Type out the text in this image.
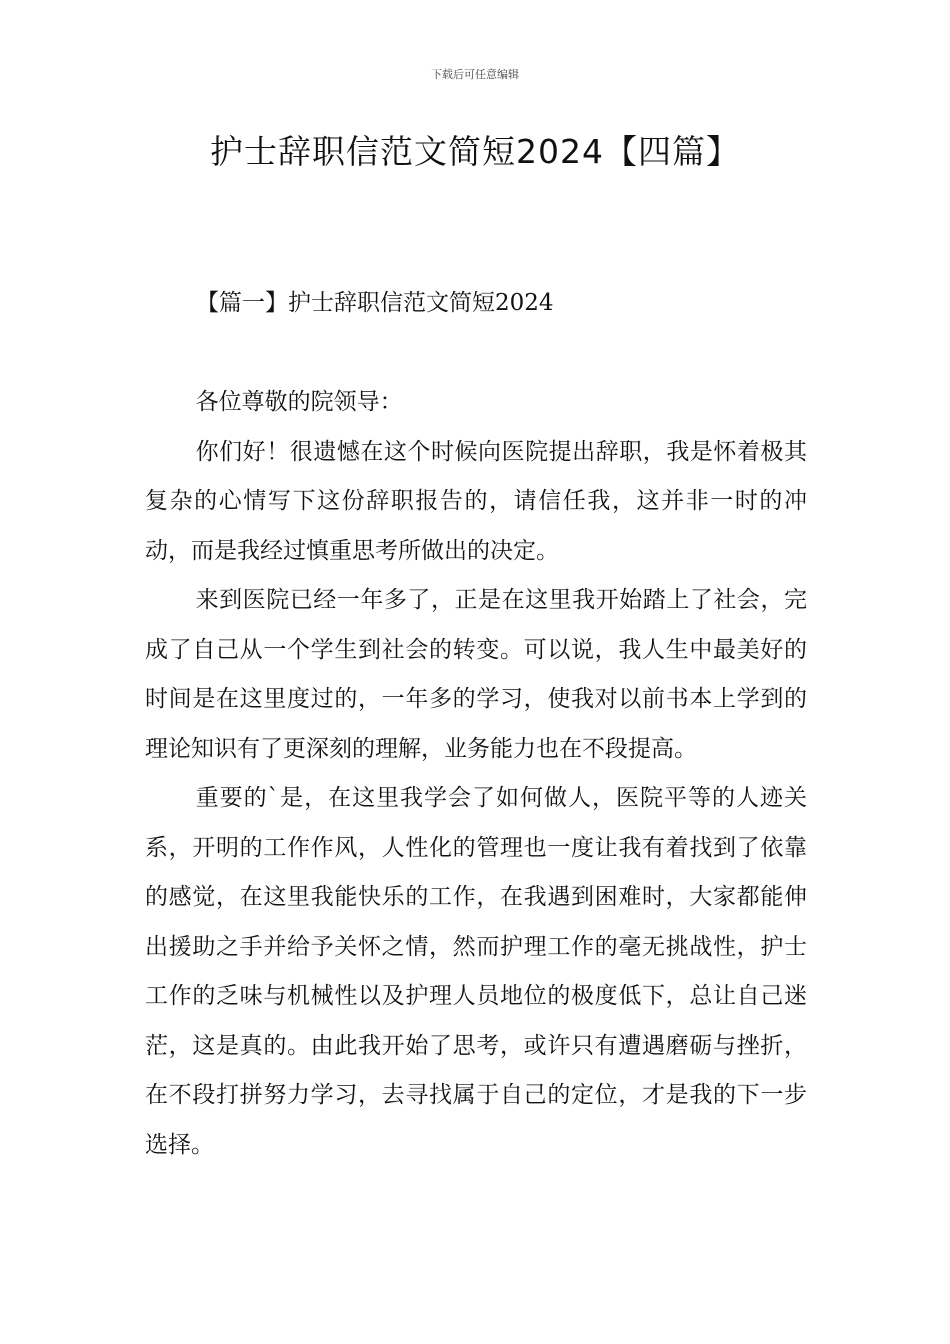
下载后可任意编辑
护士辞职信范文简短2024【四篇】
【篇一】护士辞职信范文简短2024

各位尊敬的院领导：

你们好！很遗憾在这个时候向医院提出辞职，我是怀着极其复杂的心情写下这份辞职报告的，请信任我，这并非一时的冲动，而是我经过慎重思考所做出的决定。

来到医院已经一年多了，正是在这里我开始踏上了社会，完成了自己从一个学生到社会的转变。可以说，我人生中最美好的时间是在这里度过的，一年多的学习，使我对以前书本上学到的理论知识有了更深刻的理解，业务能力也在不段提高。

重要的`是，在这里我学会了如何做人，医院平等的人迹关系，开明的工作作风，人性化的管理也一度让我有着找到了依靠的感觉，在这里我能快乐的工作，在我遇到困难时，大家都能伸出援助之手并给予关怀之情，然而护理工作的毫无挑战性，护士工作的乏味与机械性以及护理人员地位的极度低下，总让自己迷茫，这是真的。由此我开始了思考，或许只有遭遇磨砺与挫折，在不段打拼努力学习，去寻找属于自己的定位，才是我的下一步选择。
